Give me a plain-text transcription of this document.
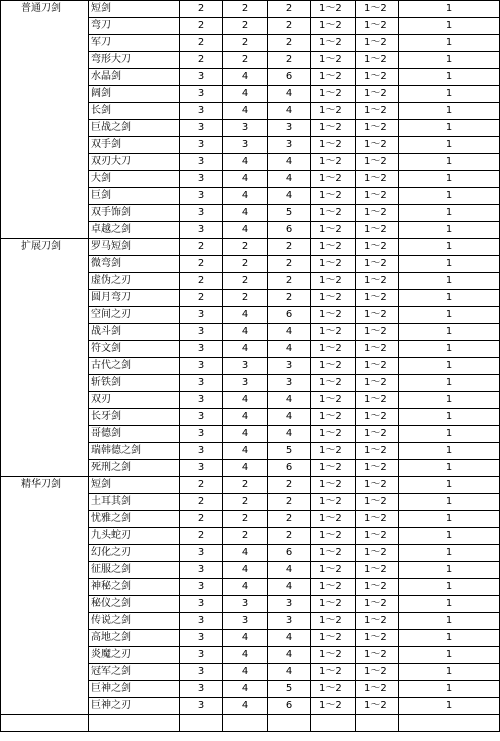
普通刀剑	短剑	2	2	2	1～2	1～2	1
	弯刀	2	2	2	1～2	1～2	1
	军刀	2	2	2	1～2	1～2	1
	弯形大刀	2	2	2	1～2	1～2	1
	水晶剑	3	4	6	1～2	1～2	1
	阔剑	3	4	4	1～2	1～2	1
	长剑	3	4	4	1～2	1～2	1
	巨战之剑	3	3	3	1～2	1～2	1
	双手剑	3	3	3	1～2	1～2	1
	双刃大刀	3	4	4	1～2	1～2	1
	大剑	3	4	4	1～2	1～2	1
	巨剑	3	4	4	1～2	1～2	1
	双手饰剑	3	4	5	1～2	1～2	1
	卓越之剑	3	4	6	1～2	1～2	1
扩展刀剑	罗马短剑	2	2	2	1～2	1～2	1
	微弯剑	2	2	2	1～2	1～2	1
	虚伪之刃	2	2	2	1～2	1～2	1
	圆月弯刀	2	2	2	1～2	1～2	1
	空间之刃	3	4	6	1～2	1～2	1
	战斗剑	3	4	4	1～2	1～2	1
	符文剑	3	4	4	1～2	1～2	1
	古代之剑	3	3	3	1～2	1～2	1
	斩铁剑	3	3	3	1～2	1～2	1
	双刃	3	4	4	1～2	1～2	1
	长牙剑	3	4	4	1～2	1～2	1
	哥德剑	3	4	4	1～2	1～2	1
	瑞韩德之剑	3	4	5	1～2	1～2	1
	死刑之剑	3	4	6	1～2	1～2	1
精华刀剑	短剑	2	2	2	1～2	1～2	1
	土耳其剑	2	2	2	1～2	1～2	1
	忧雅之剑	2	2	2	1～2	1～2	1
	九头蛇刃	2	2	2	1～2	1～2	1
	幻化之刃	3	4	6	1～2	1～2	1
	征服之剑	3	4	4	1～2	1～2	1
	神秘之剑	3	4	4	1～2	1～2	1
	秘仪之剑	3	3	3	1～2	1～2	1
	传说之剑	3	3	3	1～2	1～2	1
	高地之剑	3	4	4	1～2	1～2	1
	炎魔之刃	3	4	4	1～2	1～2	1
	冠军之剑	3	4	4	1～2	1～2	1
	巨神之剑	3	4	5	1～2	1～2	1
	巨神之刃	3	4	6	1～2	1～2	1
